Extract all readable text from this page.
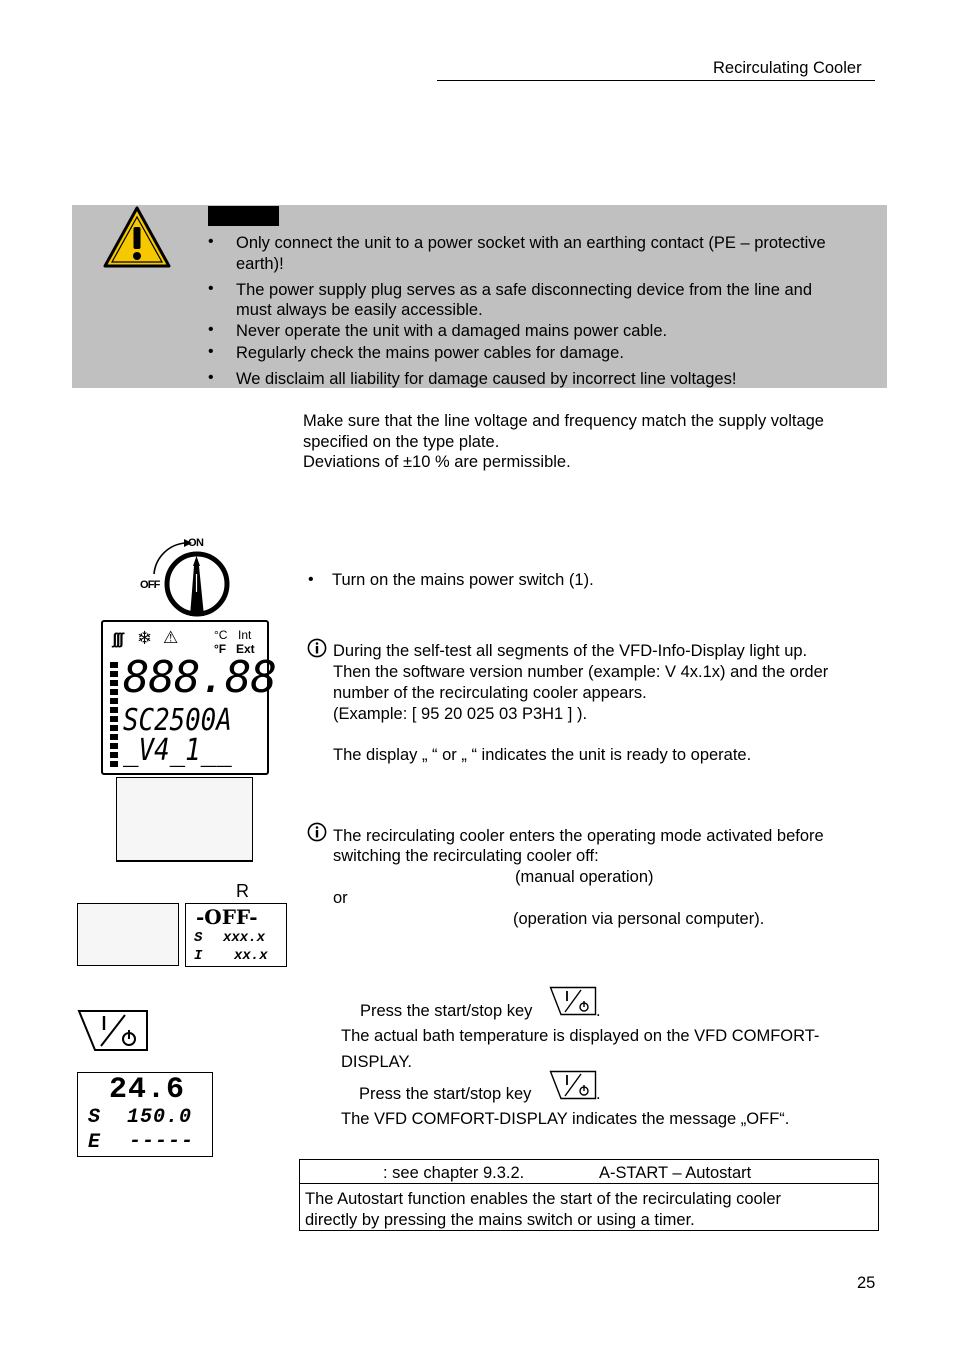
Recirculating Cooler
• Only connect the unit to a power socket with an earthing contact (PE – protective
earth)!
• The power supply plug serves as a safe disconnecting device from the line and
must always be easily accessible.
• Never operate the unit with a damaged mains power cable.
• Regularly check the mains power cables for damage.
• We disclaim all liability for damage caused by incorrect line voltages!
Make sure that the line voltage and frequency match the supply voltage
specified on the type plate.
Deviations of ±10 % are permissible.
ON
OFF	• Turn on the mains power switch (1).
ʃʃʃ ❄ ⚠	°C
°F
Int
Ext
888.88
SC2500A
_V4_1__
During the self-test all segments of the VFD-Info-Display light up.
Then the software version number (example: V 4x.1x) and the order
number of the recirculating cooler appears.
(Example: [ 95 20 025 03 P3H1 ] ).
The display „ “ or „ “ indicates the unit is ready to operate.
The recirculating cooler enters the operating mode activated before
switching the recirculating cooler off:
(manual operation)
or
(operation via personal computer).
R
-OFF-
S xxx.x
I xx.x
24.6
S 150.0
E -----
Press the start/stop key	.
The actual bath temperature is displayed on the VFD COMFORT-
DISPLAY.
Press the start/stop key	.
The VFD COMFORT-DISPLAY indicates the message „OFF“.
: see chapter 9.3.2.	A-START – Autostart
The Autostart function enables the start of the recirculating cooler
directly by pressing the mains switch or using a timer.
25
